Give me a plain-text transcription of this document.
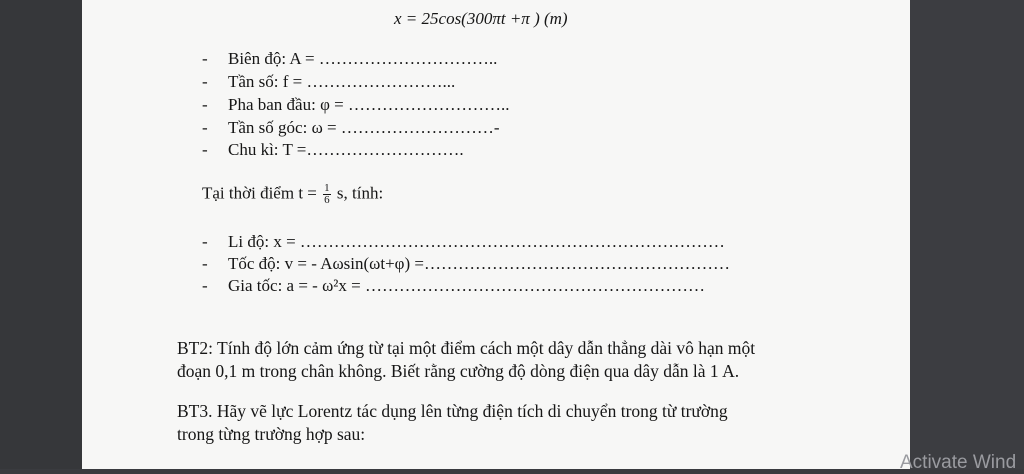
x = 25cos(300πt +π ) (m)
- Biên độ: A = …………………………..
- Tần số: f = ……………………...
- Pha ban đầu: φ = ………………………..
- Tần số góc: ω = ………………………-
- Chu kì: T =……………………….
Tại thời điểm $t = \frac{1}{6} s$, tính:
- Li độ: x = …………………………………………………………………
- Tốc độ: v = - Aωsin(ωt+φ) =………………………………………………
- Gia tốc: a = - ω²x = ……………………………………………………
BT2: Tính độ lớn cảm ứng từ tại một điểm cách một dây dẫn thẳng dài vô hạn một
đoạn 0,1 m trong chân không. Biết rằng cường độ dòng điện qua dây dẫn là 1 A.
BT3. Hãy vẽ lực Lorentz tác dụng lên từng điện tích di chuyển trong từ trường
trong từng trường hợp sau:
Activate Wind
